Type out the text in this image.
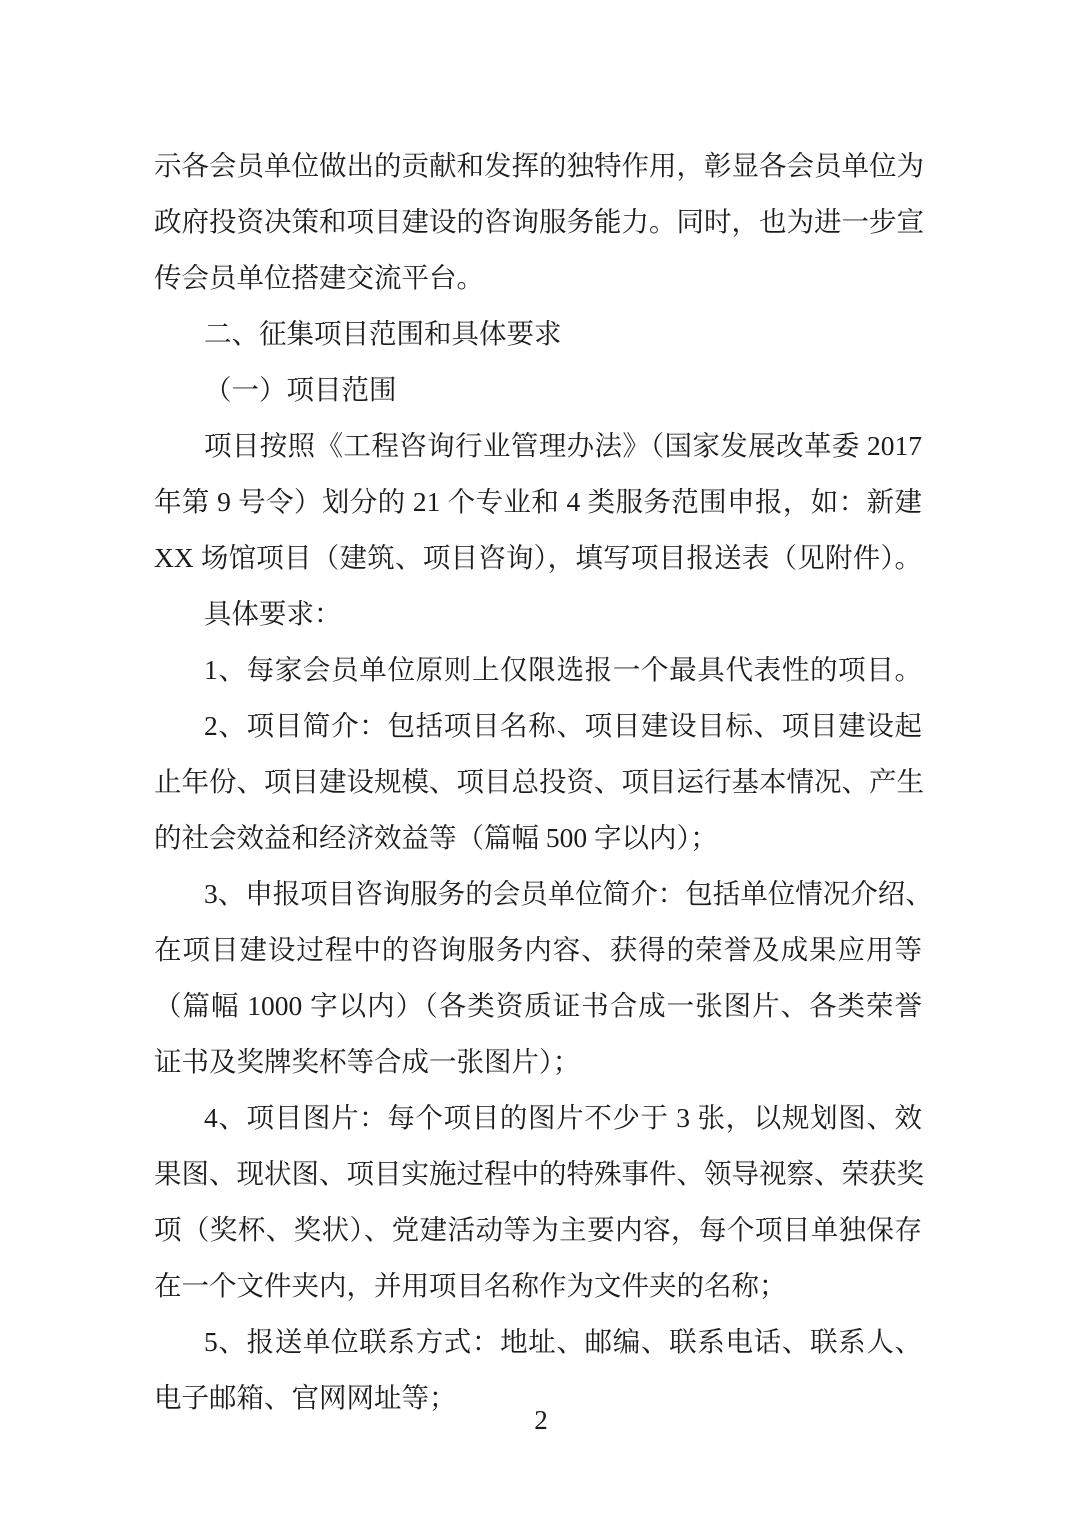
示各会员单位做出的贡献和发挥的独特作用，彰显各会员单位为
政府投资决策和项目建设的咨询服务能力。同时，也为进一步宣
传会员单位搭建交流平台。
二、征集项目范围和具体要求
（一）项目范围
项目按照《工程咨询行业管理办法》（国家发展改革委 2017
年第 9 号令）划分的 21 个专业和 4 类服务范围申报，如：新建
XX 场馆项目（建筑、项目咨询），填写项目报送表（见附件）。
具体要求：
1、每家会员单位原则上仅限选报一个最具代表性的项目。
2、项目简介：包括项目名称、项目建设目标、项目建设起
止年份、项目建设规模、项目总投资、项目运行基本情况、产生
的社会效益和经济效益等（篇幅 500 字以内）；
3、申报项目咨询服务的会员单位简介：包括单位情况介绍、
在项目建设过程中的咨询服务内容、获得的荣誉及成果应用等
（篇幅 1000 字以内）（各类资质证书合成一张图片、各类荣誉
证书及奖牌奖杯等合成一张图片）；
4、项目图片：每个项目的图片不少于 3 张，以规划图、效
果图、现状图、项目实施过程中的特殊事件、领导视察、荣获奖
项（奖杯、奖状）、党建活动等为主要内容，每个项目单独保存
在一个文件夹内，并用项目名称作为文件夹的名称；
5、报送单位联系方式：地址、邮编、联系电话、联系人、
电子邮箱、官网网址等；
2
